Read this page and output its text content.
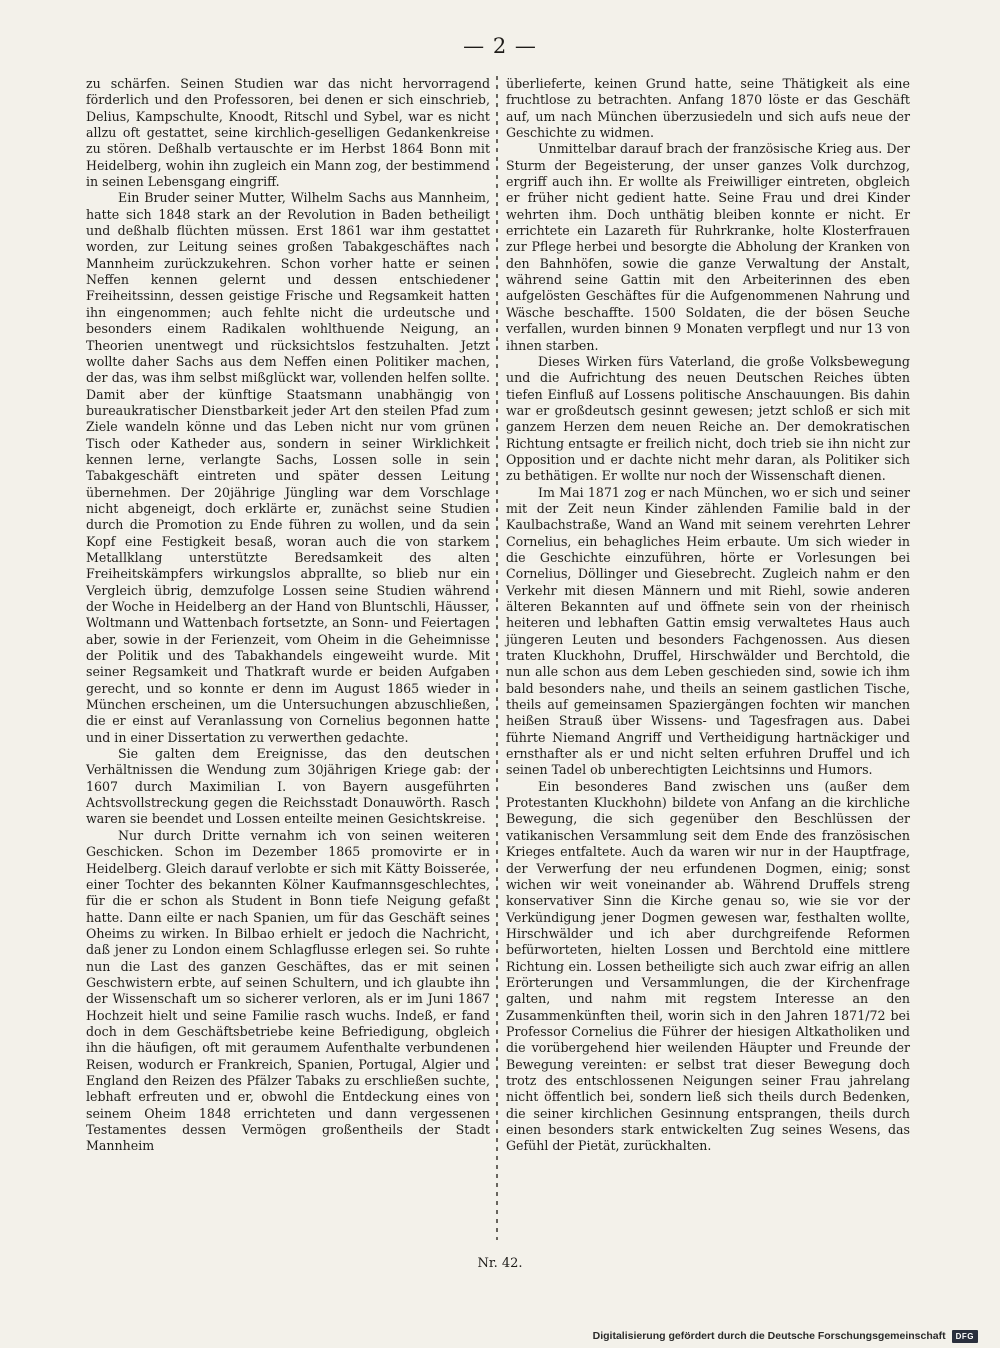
— 2 —

zu schärfen. Seinen Studien war das nicht hervorragend förderlich und den Professoren, bei denen er sich einschrieb, Delius, Kampschulte, Knoodt, Ritschl und Sybel, war es nicht allzu oft gestattet, seine kirchlich-geselligen Gedankenkreise zu stören. Deßhalb vertauschte er im Herbst 1864 Bonn mit Heidelberg, wohin ihn zugleich ein Mann zog, der bestimmend in seinen Lebensgang eingriff.

Ein Bruder seiner Mutter, Wilhelm Sachs aus Mannheim, hatte sich 1848 stark an der Revolution in Baden betheiligt und deßhalb flüchten müssen. Erst 1861 war ihm gestattet worden, zur Leitung seines großen Tabakgeschäftes nach Mannheim zurückzukehren. Schon vorher hatte er seinen Neffen kennen gelernt und dessen entschiedener Freiheitssinn, dessen geistige Frische und Regsamkeit hatten ihn eingenommen; auch fehlte nicht die urdeutsche und besonders einem Radikalen wohlthuende Neigung, an Theorien unentwegt und rücksichtslos festzuhalten. Jetzt wollte daher Sachs aus dem Neffen einen Politiker machen, der das, was ihm selbst mißglückt war, vollenden helfen sollte. Damit aber der künftige Staatsmann unabhängig von bureaukratischer Dienstbarkeit jeder Art den steilen Pfad zum Ziele wandeln könne und das Leben nicht nur vom grünen Tisch oder Katheder aus, sondern in seiner Wirklichkeit kennen lerne, verlangte Sachs, Lossen solle in sein Tabakgeschäft eintreten und später dessen Leitung übernehmen. Der 20jährige Jüngling war dem Vorschlage nicht abgeneigt, doch erklärte er, zunächst seine Studien durch die Promotion zu Ende führen zu wollen, und da sein Kopf eine Festigkeit besaß, woran auch die von starkem Metallklang unterstützte Beredsamkeit des alten Freiheitskämpfers wirkungslos abprallte, so blieb nur ein Vergleich übrig, demzufolge Lossen seine Studien während der Woche in Heidelberg an der Hand von Bluntschli, Häusser, Woltmann und Wattenbach fortsetzte, an Sonn- und Feiertagen aber, sowie in der Ferienzeit, vom Oheim in die Geheimnisse der Politik und des Tabakhandels eingeweiht wurde. Mit seiner Regsamkeit und Thatkraft wurde er beiden Aufgaben gerecht, und so konnte er denn im August 1865 wieder in München erscheinen, um die Untersuchungen abzuschließen, die er einst auf Veranlassung von Cornelius begonnen hatte und in einer Dissertation zu verwerthen gedachte.

Sie galten dem Ereignisse, das den deutschen Verhältnissen die Wendung zum 30jährigen Kriege gab: der 1607 durch Maximilian I. von Bayern ausgeführten Achtsvollstreckung gegen die Reichsstadt Donauwörth. Rasch waren sie beendet und Lossen enteilte meinen Gesichtskreise.

Nur durch Dritte vernahm ich von seinen weiteren Geschicken. Schon im Dezember 1865 promovirte er in Heidelberg. Gleich darauf verlobte er sich mit Kätty Boisserée, einer Tochter des bekannten Kölner Kaufmannsgeschlechtes, für die er schon als Student in Bonn tiefe Neigung gefaßt hatte. Dann eilte er nach Spanien, um für das Geschäft seines Oheims zu wirken. In Bilbao erhielt er jedoch die Nachricht, daß jener zu London einem Schlagflusse erlegen sei. So ruhte nun die Last des ganzen Geschäftes, das er mit seinen Geschwistern erbte, auf seinen Schultern, und ich glaubte ihn der Wissenschaft um so sicherer verloren, als er im Juni 1867 Hochzeit hielt und seine Familie rasch wuchs. Indeß, er fand doch in dem Geschäftsbetriebe keine Befriedigung, obgleich ihn die häufigen, oft mit geraumem Aufenthalte verbundenen Reisen, wodurch er Frankreich, Spanien, Portugal, Algier und England den Reizen des Pfälzer Tabaks zu erschließen suchte, lebhaft erfreuten und er, obwohl die Entdeckung eines von seinem Oheim 1848 errichteten und dann vergessenen Testamentes dessen Vermögen großentheils der Stadt Mannheim

überlieferte, keinen Grund hatte, seine Thätigkeit als eine fruchtlose zu betrachten. Anfang 1870 löste er das Geschäft auf, um nach München überzusiedeln und sich aufs neue der Geschichte zu widmen.

Unmittelbar darauf brach der französische Krieg aus. Der Sturm der Begeisterung, der unser ganzes Volk durchzog, ergriff auch ihn. Er wollte als Freiwilliger eintreten, obgleich er früher nicht gedient hatte. Seine Frau und drei Kinder wehrten ihm. Doch unthätig bleiben konnte er nicht. Er errichtete ein Lazareth für Ruhrkranke, holte Klosterfrauen zur Pflege herbei und besorgte die Abholung der Kranken von den Bahnhöfen, sowie die ganze Verwaltung der Anstalt, während seine Gattin mit den Arbeiterinnen des eben aufgelösten Geschäftes für die Aufgenommenen Nahrung und Wäsche beschaffte. 1500 Soldaten, die der bösen Seuche verfallen, wurden binnen 9 Monaten verpflegt und nur 13 von ihnen starben.

Dieses Wirken fürs Vaterland, die große Volksbewegung und die Aufrichtung des neuen Deutschen Reiches übten tiefen Einfluß auf Lossens politische Anschauungen. Bis dahin war er großdeutsch gesinnt gewesen; jetzt schloß er sich mit ganzem Herzen dem neuen Reiche an. Der demokratischen Richtung entsagte er freilich nicht, doch trieb sie ihn nicht zur Opposition und er dachte nicht mehr daran, als Politiker sich zu bethätigen. Er wollte nur noch der Wissenschaft dienen.

Im Mai 1871 zog er nach München, wo er sich und seiner mit der Zeit neun Kinder zählenden Familie bald in der Kaulbachstraße, Wand an Wand mit seinem verehrten Lehrer Cornelius, ein behagliches Heim erbaute. Um sich wieder in die Geschichte einzuführen, hörte er Vorlesungen bei Cornelius, Döllinger und Giesebrecht. Zugleich nahm er den Verkehr mit diesen Männern und mit Riehl, sowie anderen älteren Bekannten auf und öffnete sein von der rheinisch heiteren und lebhaften Gattin emsig verwaltetes Haus auch jüngeren Leuten und besonders Fachgenossen. Aus diesen traten Kluckhohn, Druffel, Hirschwälder und Berchtold, die nun alle schon aus dem Leben geschieden sind, sowie ich ihm bald besonders nahe, und theils an seinem gastlichen Tische, theils auf gemeinsamen Spaziergängen fochten wir manchen heißen Strauß über Wissens- und Tagesfragen aus. Dabei führte Niemand Angriff und Vertheidigung hartnäckiger und ernsthafter als er und nicht selten erfuhren Druffel und ich seinen Tadel ob unberechtigten Leichtsinns und Humors.

Ein besonderes Band zwischen uns (außer dem Protestanten Kluckhohn) bildete von Anfang an die kirchliche Bewegung, die sich gegenüber den Beschlüssen der vatikanischen Versammlung seit dem Ende des französischen Krieges entfaltete. Auch da waren wir nur in der Hauptfrage, der Verwerfung der neu erfundenen Dogmen, einig; sonst wichen wir weit voneinander ab. Während Druffels streng konservativer Sinn die Kirche genau so, wie sie vor der Verkündigung jener Dogmen gewesen war, festhalten wollte, Hirschwälder und ich aber durchgreifende Reformen befürworteten, hielten Lossen und Berchtold eine mittlere Richtung ein. Lossen betheiligte sich auch zwar eifrig an allen Erörterungen und Versammlungen, die der Kirchenfrage galten, und nahm mit regstem Interesse an den Zusammenkünften theil, worin sich in den Jahren 1871/72 bei Professor Cornelius die Führer der hiesigen Altkatholiken und die vorübergehend hier weilenden Häupter und Freunde der Bewegung vereinten: er selbst trat dieser Bewegung doch trotz des entschlossenen Neigungen seiner Frau jahrelang nicht öffentlich bei, sondern ließ sich theils durch Bedenken, die seiner kirchlichen Gesinnung entsprangen, theils durch einen besonders stark entwickelten Zug seines Wesens, das Gefühl der Pietät, zurückhalten.

Nr. 42.
Digitalisierung gefördert durch die Deutsche Forschungsgemeinschaft	DFG
